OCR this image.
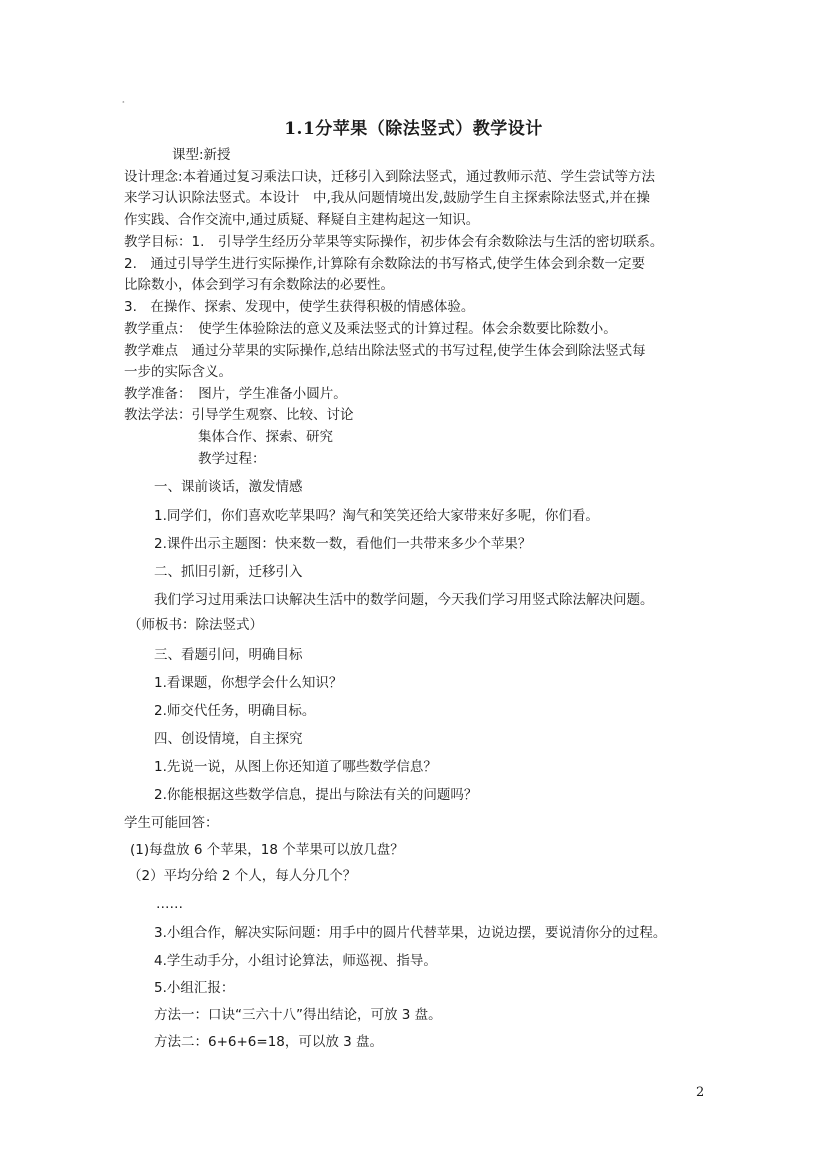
ﾞ
1.1分苹果（除法竖式）教学设计
课型:新授
设计理念:本着通过复习乘法口诀，迁移引入到除法竖式，通过教师示范、学生尝试等方法
来学习认识除法竖式。本设计　中,我从问题情境出发,鼓励学生自主探索除法竖式,并在操
作实践、合作交流中,通过质疑、释疑自主建构起这一知识。
教学目标：1.　引导学生经历分苹果等实际操作，初步体会有余数除法与生活的密切联系。
2.　通过引导学生进行实际操作,计算除有余数除法的书写格式,使学生体会到余数一定要
比除数小，体会到学习有余数除法的必要性。
3.　在操作、探索、发现中，使学生获得积极的情感体验。
教学重点：　使学生体验除法的意义及乘法竖式的计算过程。体会余数要比除数小。
教学难点　通过分苹果的实际操作,总结出除法竖式的书写过程,使学生体会到除法竖式每
一步的实际含义。
教学准备：　图片，学生准备小圆片。
教法学法：引导学生观察、比较、讨论
集体合作、探索、研究
教学过程：
一、课前谈话，激发情感
1.同学们，你们喜欢吃苹果吗？淘气和笑笑还给大家带来好多呢，你们看。
2.课件出示主题图：快来数一数，看他们一共带来多少个苹果？
二、抓旧引新，迁移引入
我们学习过用乘法口诀解决生活中的数学问题，今天我们学习用竖式除法解决问题。
（师板书：除法竖式）
三、看题引问，明确目标
1.看课题，你想学会什么知识？
2.师交代任务，明确目标。
四、创设情境，自主探究
1.先说一说，从图上你还知道了哪些数学信息？
2.你能根据这些数学信息，提出与除法有关的问题吗？
学生可能回答：
(1)每盘放 6 个苹果，18 个苹果可以放几盘？
（2）平均分给 2 个人，每人分几个？
……
3.小组合作，解决实际问题：用手中的圆片代替苹果，边说边摆，要说清你分的过程。
4.学生动手分，小组讨论算法，师巡视、指导。
5.小组汇报：
方法一：口诀“三六十八”得出结论，可放 3 盘。
方法二：6+6+6=18，可以放 3 盘。
2
